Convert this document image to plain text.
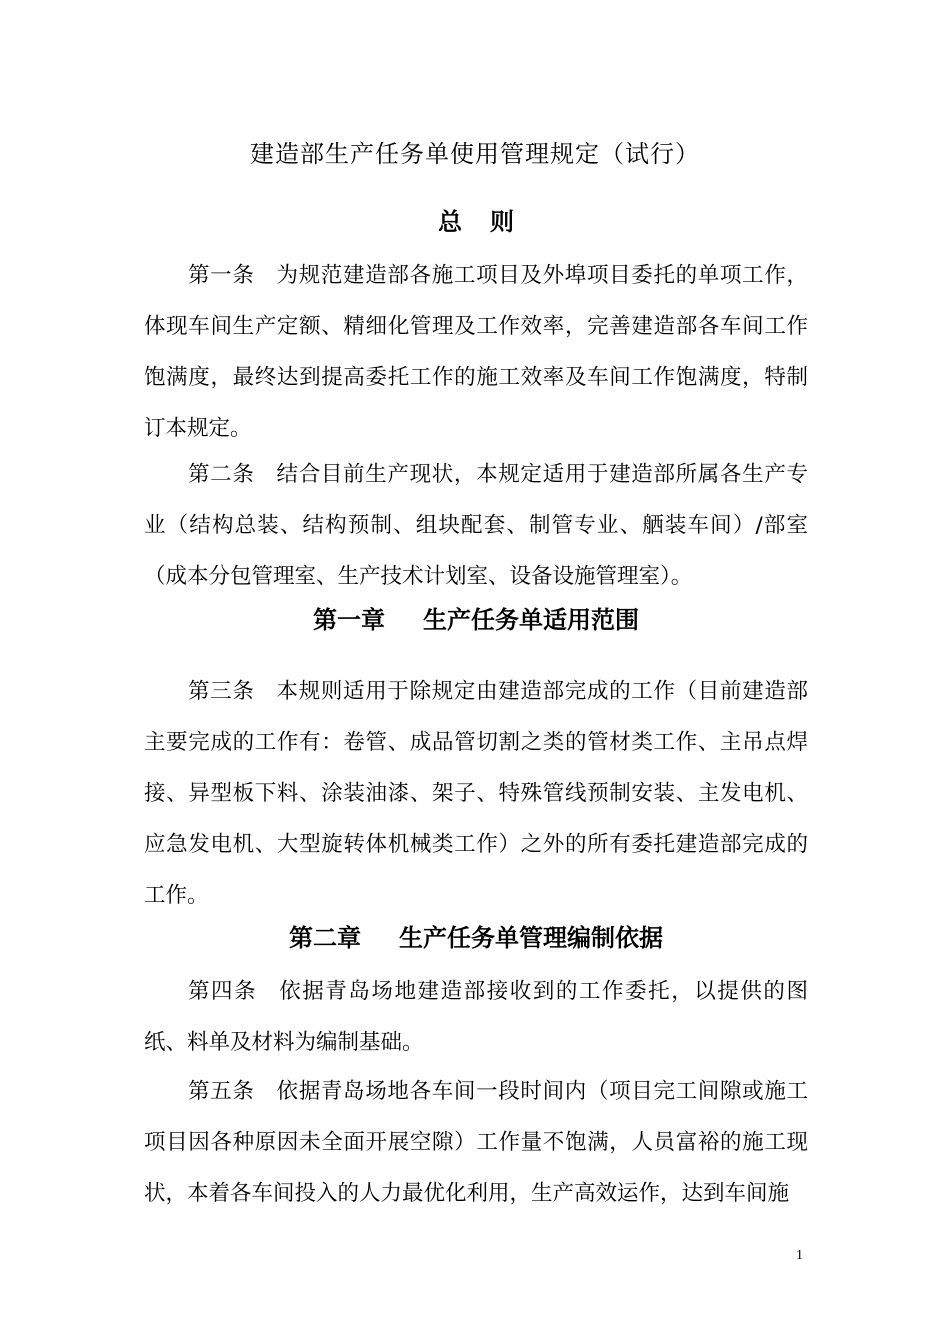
建造部生产任务单使用管理规定（试行）
总则

第一条 为规范建造部各施工项目及外埠项目委托的单项工作，体现车间生产定额、精细化管理及工作效率，完善建造部各车间工作饱满度，最终达到提高委托工作的施工效率及车间工作饱满度，特制订本规定。

第二条 结合目前生产现状，本规定适用于建造部所属各生产专业（结构总装、结构预制、组块配套、制管专业、舾装车间）/部室（成本分包管理室、生产技术计划室、设备设施管理室）。

第一章 生产任务单适用范围

第三条 本规则适用于除规定由建造部完成的工作（目前建造部主要完成的工作有：卷管、成品管切割之类的管材类工作、主吊点焊接、异型板下料、涂装油漆、架子、特殊管线预制安装、主发电机、应急发电机、大型旋转体机械类工作）之外的所有委托建造部完成的工作。

第二章 生产任务单管理编制依据

第四条 依据青岛场地建造部接收到的工作委托，以提供的图纸、料单及材料为编制基础。

第五条 依据青岛场地各车间一段时间内（项目完工间隙或施工项目因各种原因未全面开展空隙）工作量不饱满，人员富裕的施工现状，本着各车间投入的人力最优化利用，生产高效运作，达到车间施

1
